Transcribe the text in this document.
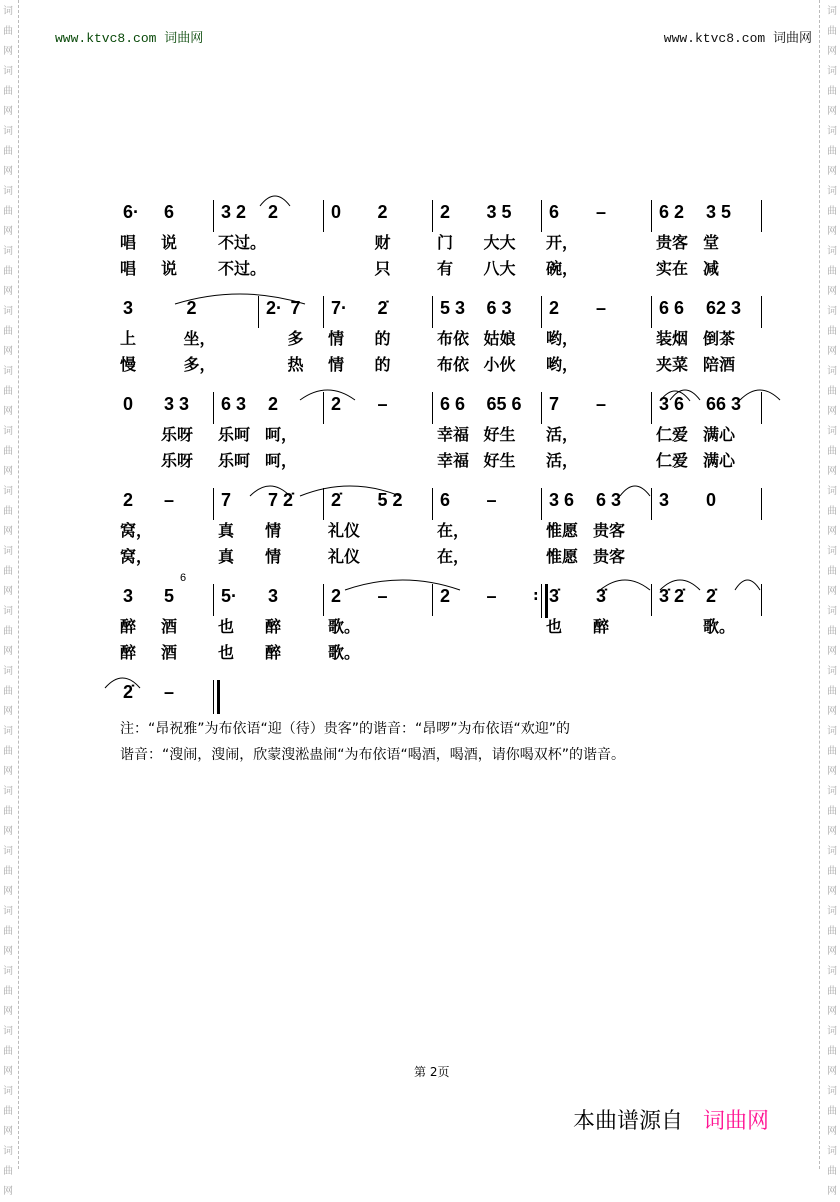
词
曲
网
词
曲
网
词
曲
网
词
曲
网
词
曲
网
词
曲
网
词
曲
网
词
曲
网
词
曲
网
词
曲
网
词
曲
网
词
曲
网
词
曲
网
词
曲
网
词
曲
网
词
曲
网
词
曲
网
词
曲
网
词
曲
网
词
曲
网
词
曲
网
词
曲
网
词
曲
网
词
曲
网
词
曲
网
词
曲
网
词
曲
网
词
曲
网
词
曲
网
词
曲
网
词
曲
网
词
曲
网
词
曲
网
词
曲
网
词
曲
网
词
曲
网
词
曲
网
词
曲
网
词
曲
网
词
曲
网
www.ktvc8.com 词曲网	www.ktvc8.com 词曲网
6·
唱
唱
6
说
说
3 2
不过。
不过。
2	0 2
财
只
2
门
有
3 5
大大
八大
6
开，
碗，
–	6 2
贵客
实在
3 5
堂
减
3
上
慢
2
坐，
多，
2· 7
多
热
7·
情
情
2̇
的
的
5 3
布依
布依
6 3
姑娘
小伙
2
哟，
哟，
–	6 6
装烟
夹菜
62 3
倒茶
陪酒
0 3 3
乐呀
乐呀
6 3
乐呵
乐呵
2
呵，
呵，
2 –	6 6
幸福
幸福
65 6
好生
好生
7
活，
活，
–	3 6
仁爱
仁爱
66 3
满心
满心
2
窝，
窝，
–	7
真
真
7 2̇
情
情
2̇
礼仪
礼仪
5 2 6
在，
在，
–	3 6
惟愿
惟愿
6 3
贵客
贵客
3 0
3
醉
醉
5
酒
酒
6
5·
也
也
3
醉
醉
2
歌。
歌。
–	2 –	: 3̇
也
3̇
醉
3̇ 2̇ 2̇
歌。
2̇ –
注：“昂祝雅”为布依语“迎（待）贵客”的谐音：“昂啰”为布依语“欢迎”的
谐音：“溲闹，溲闹，欣蒙溲淞蛊闹“为布依语“喝酒，喝酒，请你喝双杯”的谐音。
第 2页
本曲谱源自 词曲网
